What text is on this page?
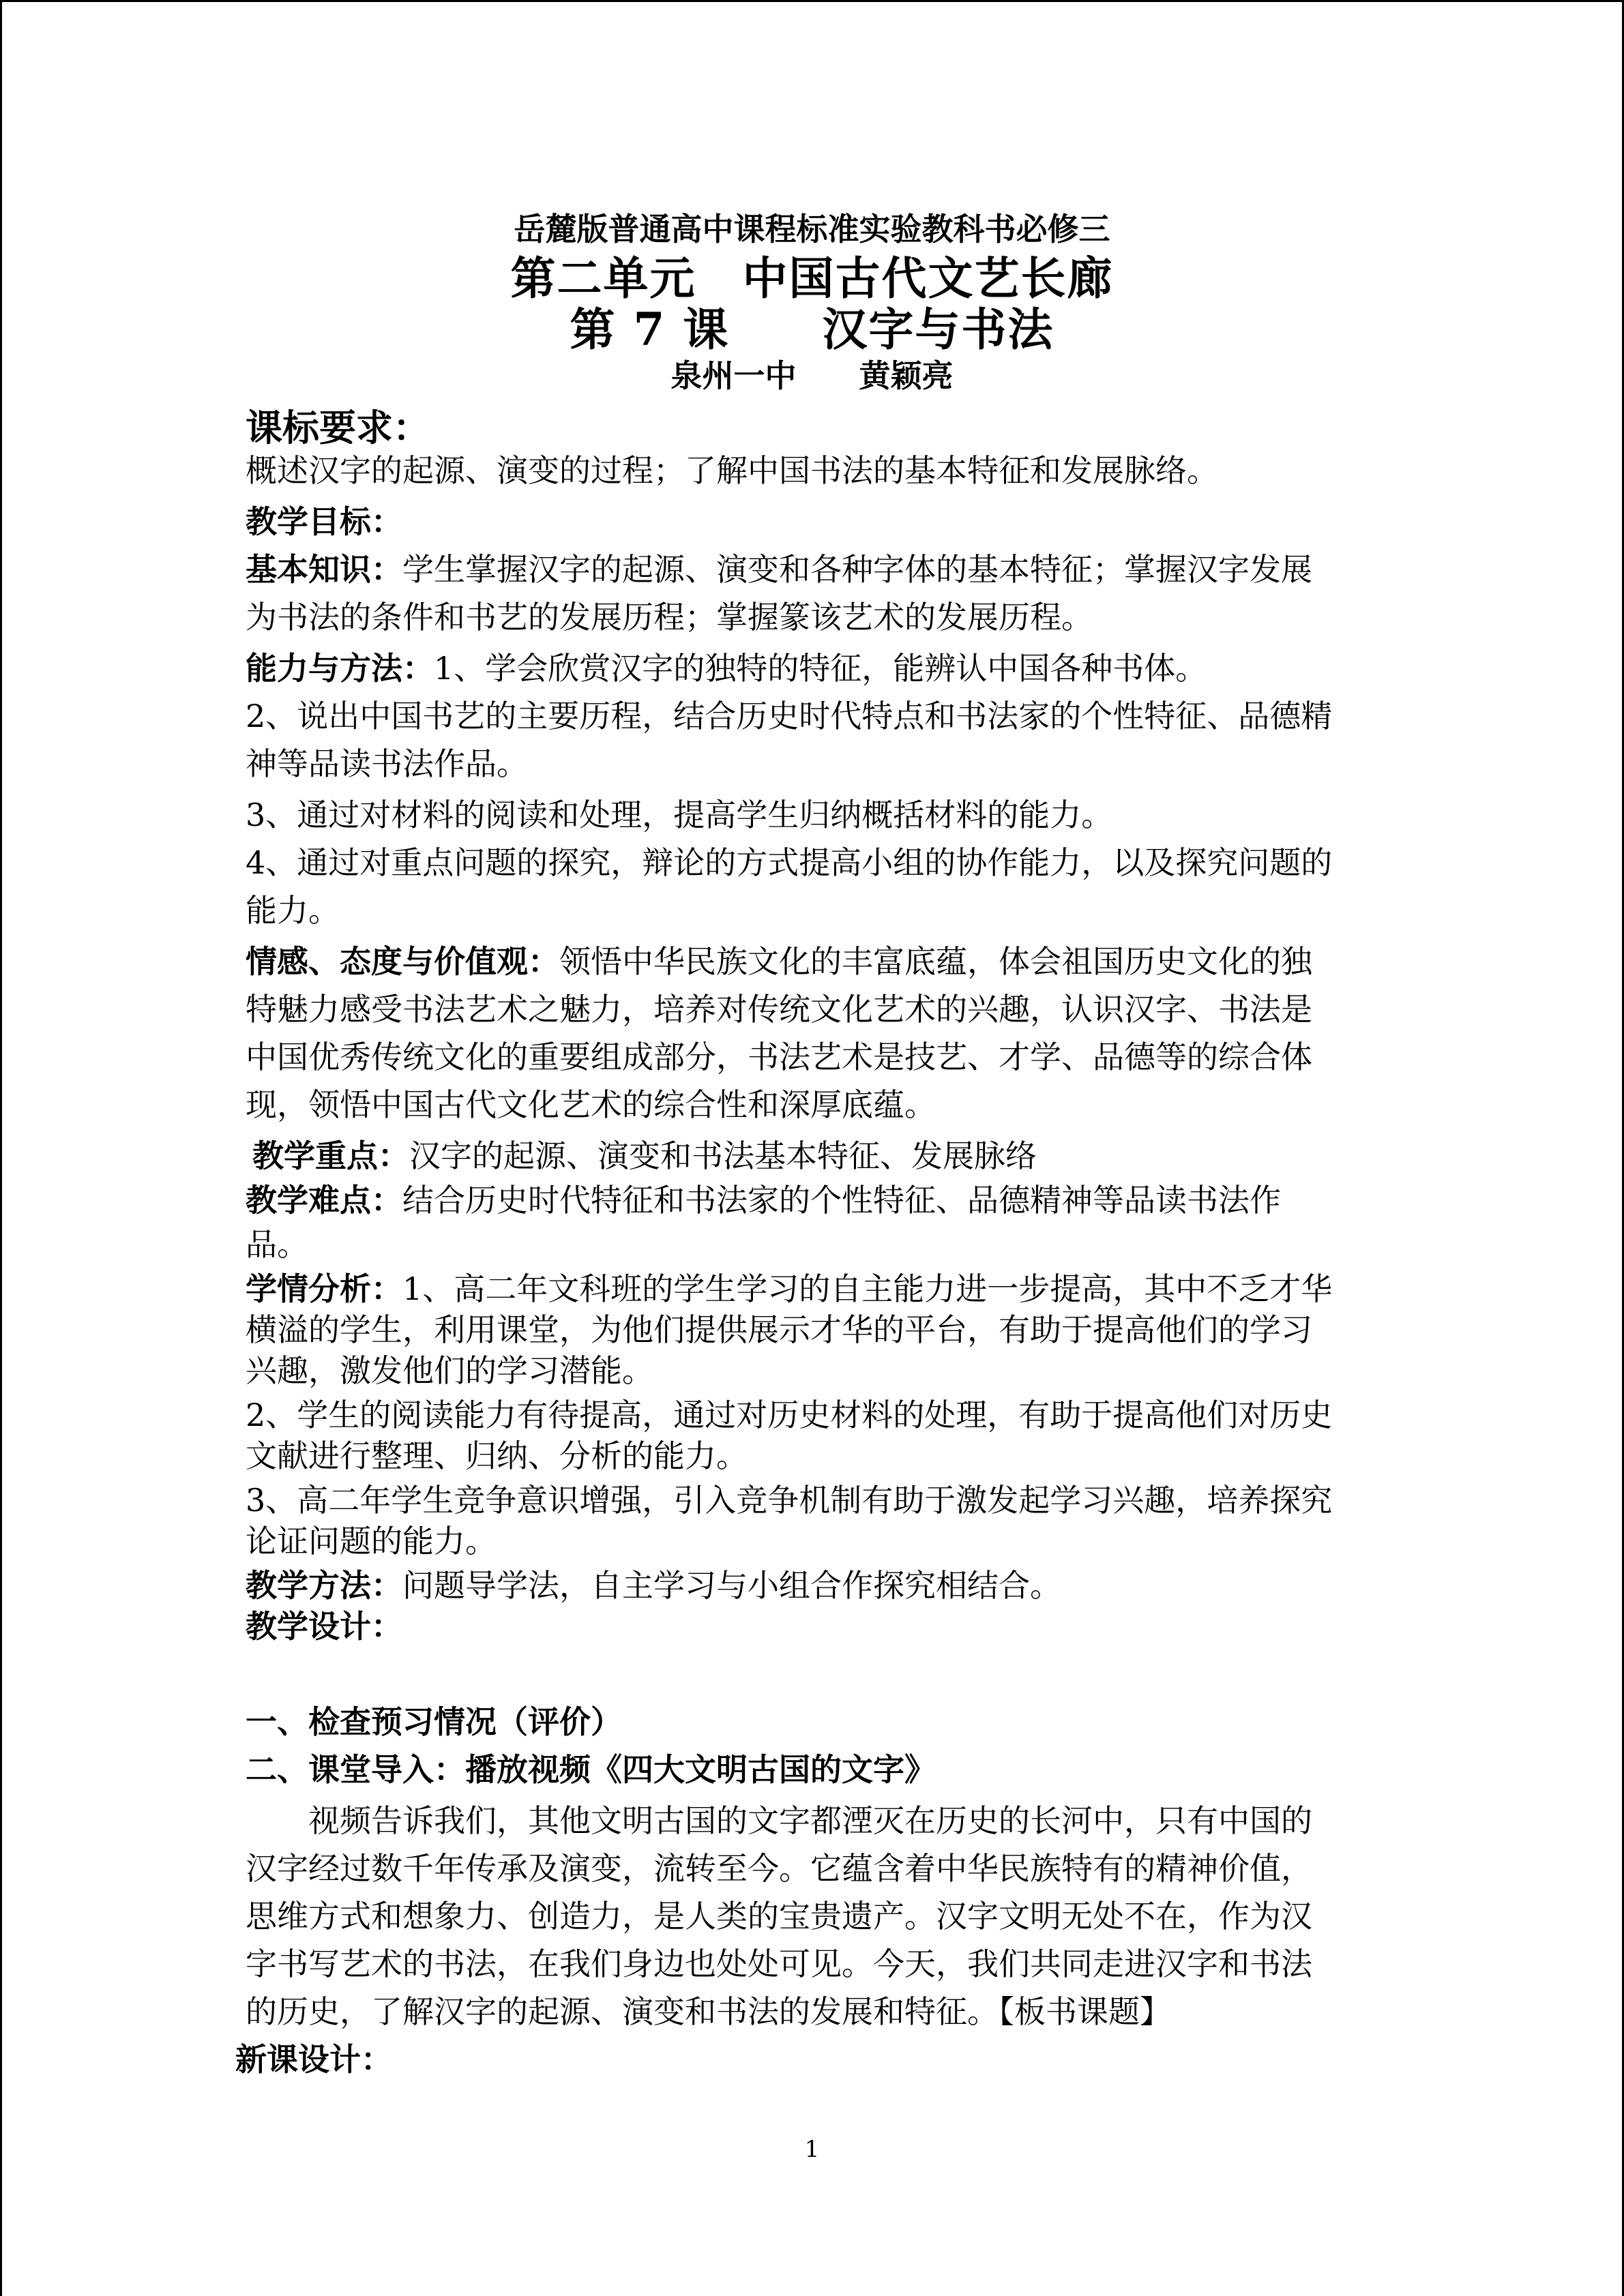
岳麓版普通高中课程标准实验教科书必修三
第二单元　中国古代文艺长廊
第 7 课　　汉字与书法
泉州一中　　黄颖亮
课标要求：
概述汉字的起源、演变的过程；了解中国书法的基本特征和发展脉络。
教学目标：
基本知识：学生掌握汉字的起源、演变和各种字体的基本特征；掌握汉字发展
为书法的条件和书艺的发展历程；掌握篆该艺术的发展历程。
能力与方法：1、学会欣赏汉字的独特的特征，能辨认中国各种书体。
2、说出中国书艺的主要历程，结合历史时代特点和书法家的个性特征、品德精
神等品读书法作品。
3、通过对材料的阅读和处理，提高学生归纳概括材料的能力。
4、通过对重点问题的探究，辩论的方式提高小组的协作能力，以及探究问题的
能力。
情感、态度与价值观：领悟中华民族文化的丰富底蕴，体会祖国历史文化的独
特魅力感受书法艺术之魅力，培养对传统文化艺术的兴趣，认识汉字、书法是
中国优秀传统文化的重要组成部分，书法艺术是技艺、才学、品德等的综合体
现，领悟中国古代文化艺术的综合性和深厚底蕴。
教学重点：汉字的起源、演变和书法基本特征、发展脉络
教学难点：结合历史时代特征和书法家的个性特征、品德精神等品读书法作
品。
学情分析：1、高二年文科班的学生学习的自主能力进一步提高，其中不乏才华
横溢的学生，利用课堂，为他们提供展示才华的平台，有助于提高他们的学习
兴趣，激发他们的学习潜能。
2、学生的阅读能力有待提高，通过对历史材料的处理，有助于提高他们对历史
文献进行整理、归纳、分析的能力。
3、高二年学生竞争意识增强，引入竞争机制有助于激发起学习兴趣，培养探究
论证问题的能力。
教学方法：问题导学法，自主学习与小组合作探究相结合。
教学设计：
一、检查预习情况（评价）
二、课堂导入：播放视频《四大文明古国的文字》
视频告诉我们，其他文明古国的文字都湮灭在历史的长河中，只有中国的
汉字经过数千年传承及演变，流转至今。它蕴含着中华民族特有的精神价值，
思维方式和想象力、创造力，是人类的宝贵遗产。汉字文明无处不在，作为汉
字书写艺术的书法，在我们身边也处处可见。今天，我们共同走进汉字和书法
的历史，了解汉字的起源、演变和书法的发展和特征。【板书课题】
新课设计：
1
